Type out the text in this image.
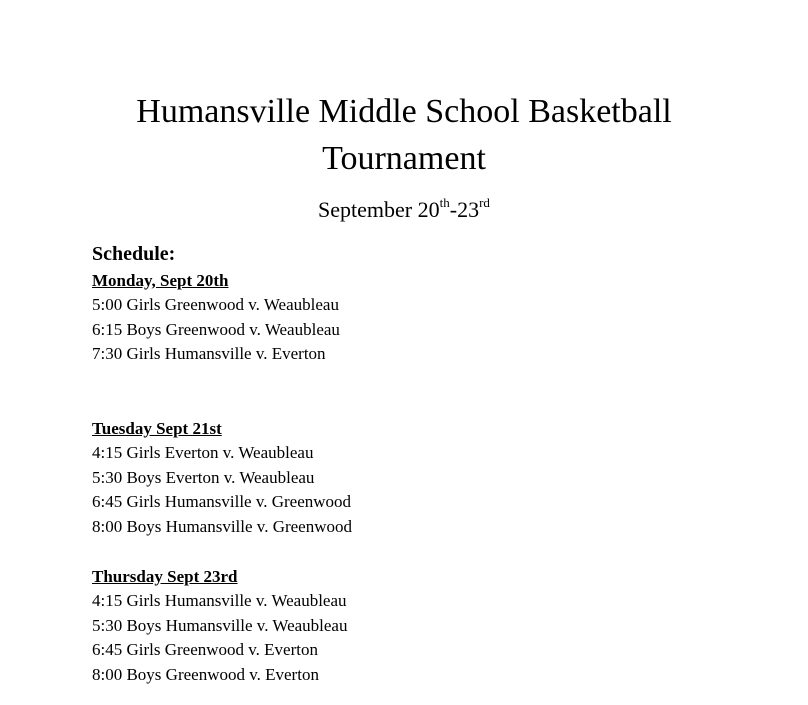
Humansville Middle School Basketball
Tournament
September 20th-23rd
Schedule:
Monday, Sept 20th
5:00 Girls Greenwood v. Weaubleau
6:15 Boys Greenwood v. Weaubleau
7:30 Girls Humansville v. Everton
Tuesday Sept 21st
4:15 Girls Everton v. Weaubleau
5:30 Boys Everton v. Weaubleau
6:45 Girls Humansville v. Greenwood
8:00 Boys Humansville v. Greenwood
Thursday Sept 23rd
4:15 Girls Humansville v. Weaubleau
5:30 Boys Humansville v. Weaubleau
6:45 Girls Greenwood v. Everton
8:00 Boys Greenwood v. Everton
